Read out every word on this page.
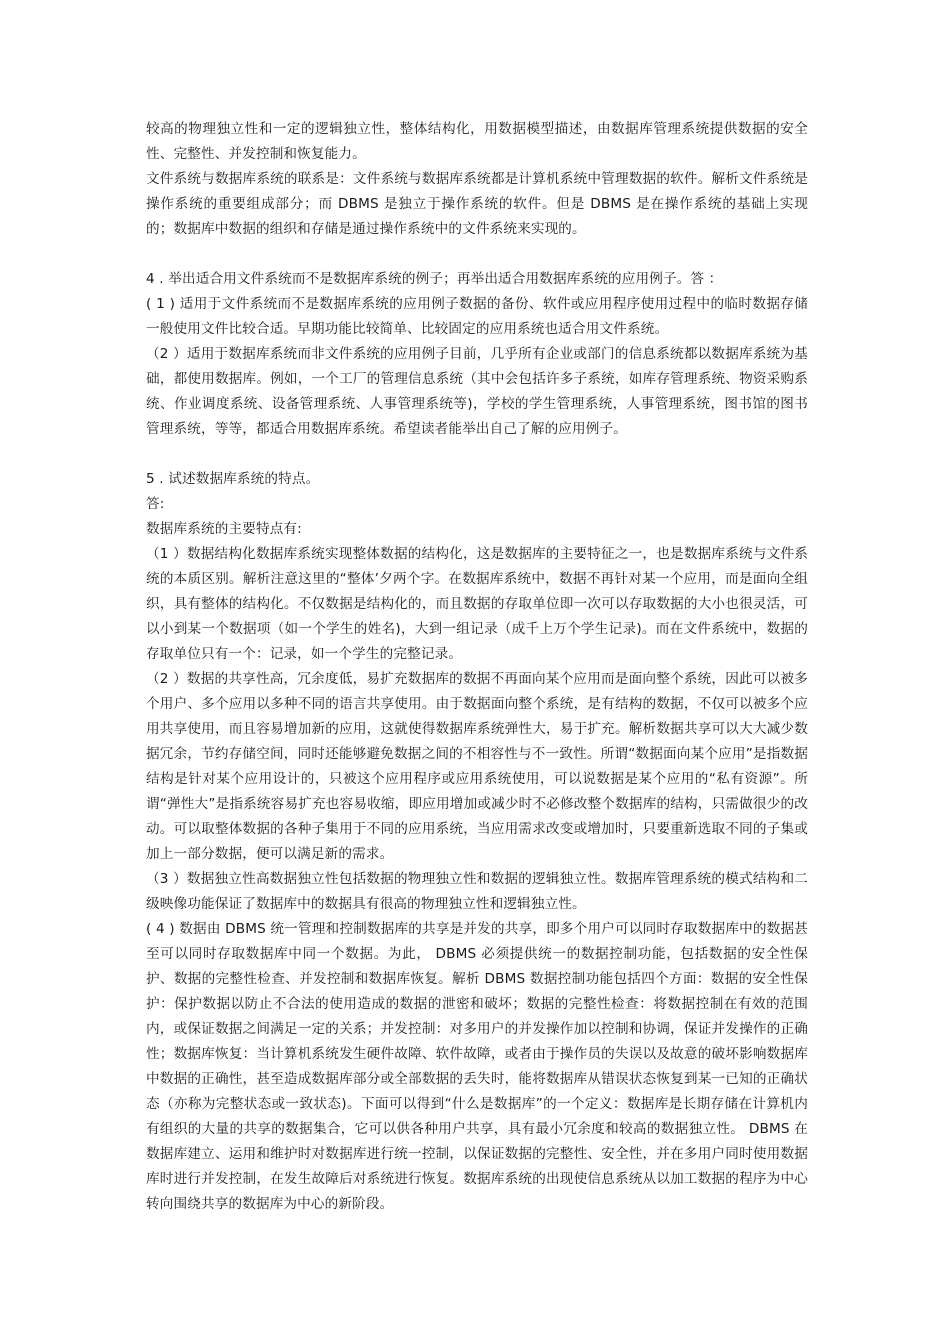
较高的物理独立性和一定的逻辑独立性，整体结构化，用数据模型描述，由数据库管理系统提供数据的安全性、完整性、并发控制和恢复能力。

文件系统与数据库系统的联系是：文件系统与数据库系统都是计算机系统中管理数据的软件。解析文件系统是操作系统的重要组成部分；而 DBMS 是独立于操作系统的软件。但是 DBMS 是在操作系统的基础上实现的；数据库中数据的组织和存储是通过操作系统中的文件系统来实现的。

4 . 举出适合用文件系统而不是数据库系统的例子；再举出适合用数据库系统的应用例子。答 ：

( 1 ) 适用于文件系统而不是数据库系统的应用例子数据的备份、软件或应用程序使用过程中的临时数据存储一般使用文件比较合适。早期功能比较简单、比较固定的应用系统也适合用文件系统。

（2 ）适用于数据库系统而非文件系统的应用例子目前，几乎所有企业或部门的信息系统都以数据库系统为基础，都使用数据库。例如，一个工厂的管理信息系统（其中会包括许多子系统，如库存管理系统、物资采购系统、作业调度系统、设备管理系统、人事管理系统等)，学校的学生管理系统，人事管理系统，图书馆的图书管理系统，等等，都适合用数据库系统。希望读者能举出自己了解的应用例子。

5 . 试述数据库系统的特点。

答:

数据库系统的主要特点有:

（1 ）数据结构化数据库系统实现整体数据的结构化，这是数据库的主要特征之一，也是数据库系统与文件系统的本质区别。解析注意这里的“整体’夕两个字。在数据库系统中，数据不再针对某一个应用，而是面向全组织，具有整体的结构化。不仅数据是结构化的，而且数据的存取单位即一次可以存取数据的大小也很灵活，可以小到某一个数据项（如一个学生的姓名)，大到一组记录（成千上万个学生记录)。而在文件系统中，数据的存取单位只有一个：记录，如一个学生的完整记录。

（2 ）数据的共享性高，冗余度低，易扩充数据库的数据不再面向某个应用而是面向整个系统，因此可以被多个用户、多个应用以多种不同的语言共享使用。由于数据面向整个系统，是有结构的数据，不仅可以被多个应用共享使用，而且容易增加新的应用，这就使得数据库系统弹性大，易于扩充。解析数据共享可以大大减少数据冗余，节约存储空间，同时还能够避免数据之间的不相容性与不一致性。所谓“数据面向某个应用”是指数据结构是针对某个应用设计的，只被这个应用程序或应用系统使用，可以说数据是某个应用的“私有资源”。所谓“弹性大”是指系统容易扩充也容易收缩，即应用增加或减少时不必修改整个数据库的结构，只需做很少的改动。可以取整体数据的各种子集用于不同的应用系统，当应用需求改变或增加时，只要重新选取不同的子集或加上一部分数据，便可以满足新的需求。

（3 ）数据独立性高数据独立性包括数据的物理独立性和数据的逻辑独立性。数据库管理系统的模式结构和二级映像功能保证了数据库中的数据具有很高的物理独立性和逻辑独立性。

( 4 ) 数据由 DBMS 统一管理和控制数据库的共享是并发的共享，即多个用户可以同时存取数据库中的数据甚至可以同时存取数据库中同一个数据。为此， DBMS 必须提供统一的数据控制功能，包括数据的安全性保护、数据的完整性检查、并发控制和数据库恢复。解析 DBMS 数据控制功能包括四个方面：数据的安全性保护：保护数据以防止不合法的使用造成的数据的泄密和破坏；数据的完整性检查：将数据控制在有效的范围内，或保证数据之间满足一定的关系；并发控制：对多用户的并发操作加以控制和协调，保证并发操作的正确性；数据库恢复：当计算机系统发生硬件故障、软件故障，或者由于操作员的失误以及故意的破坏影响数据库中数据的正确性，甚至造成数据库部分或全部数据的丢失时，能将数据库从错误状态恢复到某一已知的正确状态（亦称为完整状态或一致状态)。下面可以得到“什么是数据库”的一个定义：数据库是长期存储在计算机内有组织的大量的共享的数据集合，它可以供各种用户共享，具有最小冗余度和较高的数据独立性。 DBMS 在数据库建立、运用和维护时对数据库进行统一控制，以保证数据的完整性、安全性，并在多用户同时使用数据库时进行并发控制，在发生故障后对系统进行恢复。数据库系统的出现使信息系统从以加工数据的程序为中心转向围绕共享的数据库为中心的新阶段。
